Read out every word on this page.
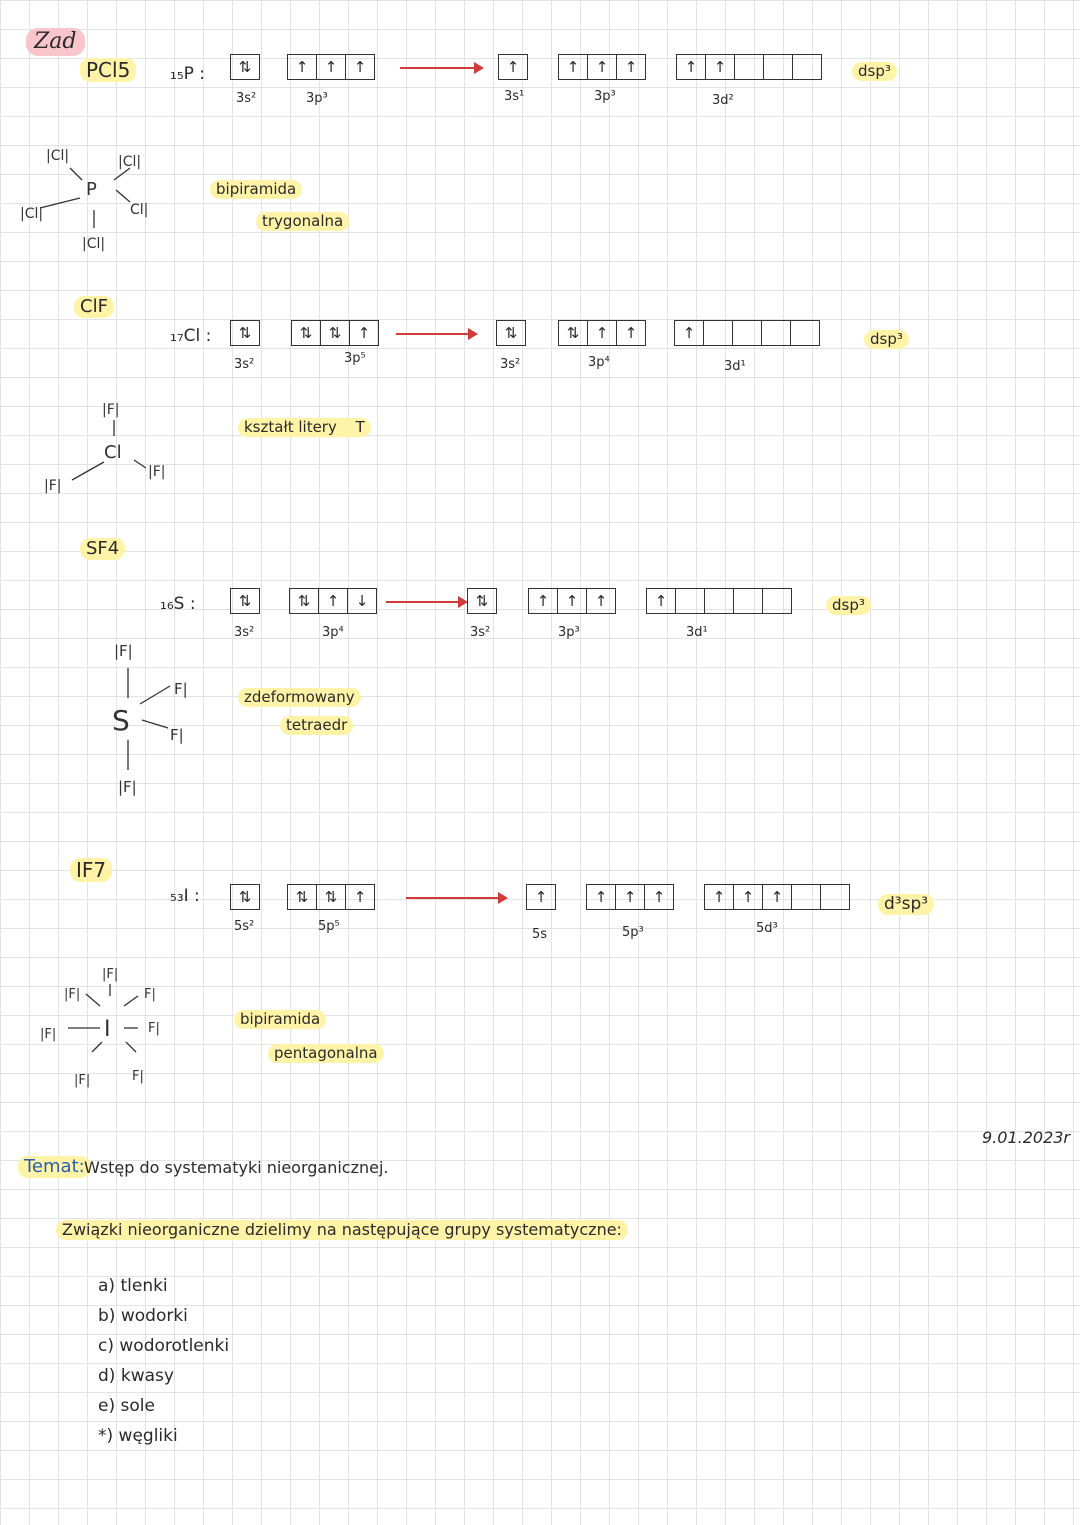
Zad
9.01.2023r
PCl5	₁₅P :	⇅
3s²
↑	↑	↑
3p³
↑
3s¹
↑	↑	↑
3p³
↑	↑
3d²
dsp³
bipiramida
trygonalna
P
|Cl|	|Cl|
Cl|
|Cl|
|Cl|
ClF
₁₇Cl :	⇅
3s²
⇅	⇅	↑
3p⁵
⇅
3s²
⇅	↑	↑
3p⁴
↑
3d¹
dsp³
kształt litery T
|F|
Cl
|F|
|F|
SF4
₁₆S :	⇅
3s²
⇅	↑	↓
3p⁴
⇅
3s²
↑	↑	↑
3p³
↑
3d¹
dsp³
zdeformowany
tetraedr
|F|
S
F|
F|
|F|
IF7
₅₃I :	⇅
5s²
⇅	⇅	↑
5p⁵
↑
5s
↑	↑	↑
5p³
↑	↑	↑
5d³
d³sp³
bipiramida
pentagonalna
I
|F|
F|
F|
|F|
|F|
|F|	F|
Temat: Wstęp do systematyki nieorganicznej.
Związki nieorganiczne dzielimy na następujące grupy systematyczne:
a) tlenki
b) wodorki
c) wodorotlenki
d) kwasy
e) sole
*) węgliki
